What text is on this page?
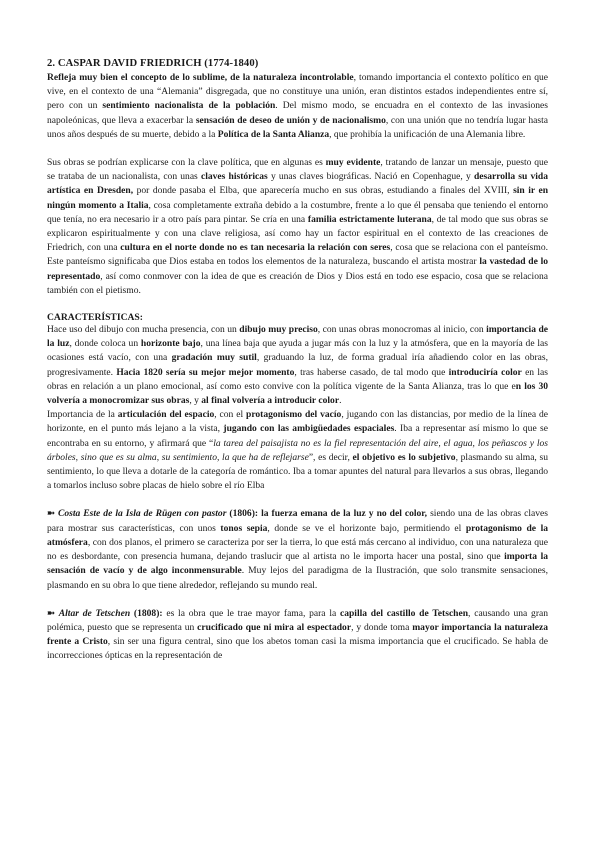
2. CASPAR DAVID FRIEDRICH (1774-1840)

Refleja muy bien el concepto de lo sublime, de la naturaleza incontrolable, tomando importancia el contexto político en que vive, en el contexto de una “Alemania” disgregada, que no constituye una unión, eran distintos estados independientes entre sí, pero con un sentimiento nacionalista de la población. Del mismo modo, se encuadra en el contexto de las invasiones napoleónicas, que lleva a exacerbar la sensación de deseo de unión y de nacionalismo, con una unión que no tendría lugar hasta unos años después de su muerte, debido a la Política de la Santa Alianza, que prohibía la unificación de una Alemania libre.

Sus obras se podrían explicarse con la clave política, que en algunas es muy evidente, tratando de lanzar un mensaje, puesto que se trataba de un nacionalista, con unas claves históricas y unas claves biográficas. Nació en Copenhague, y desarrolla su vida artística en Dresden, por donde pasaba el Elba, que aparecería mucho en sus obras, estudiando a finales del XVIII, sin ir en ningún momento a Italia, cosa completamente extraña debido a la costumbre, frente a lo que él pensaba que teniendo el entorno que tenía, no era necesario ir a otro país para pintar. Se cría en una familia estrictamente luterana, de tal modo que sus obras se explicaron espiritualmente y con una clave religiosa, así como hay un factor espiritual en el contexto de las creaciones de Friedrich, con una cultura en el norte donde no es tan necesaria la relación con seres, cosa que se relaciona con el panteísmo. Este panteísmo significaba que Dios estaba en todos los elementos de la naturaleza, buscando el artista mostrar la vastedad de lo representado, así como conmover con la idea de que es creación de Dios y Dios está en todo ese espacio, cosa que se relaciona también con el pietismo.

CARACTERÍSTICAS:

Hace uso del dibujo con mucha presencia, con un dibujo muy preciso, con unas obras monocromas al inicio, con importancia de la luz, donde coloca un horizonte bajo, una línea baja que ayuda a jugar más con la luz y la atmósfera, que en la mayoría de las ocasiones está vacío, con una gradación muy sutil, graduando la luz, de forma gradual iría añadiendo color en las obras, progresivamente. Hacia 1820 sería su mejor mejor momento, tras haberse casado, de tal modo que introduciría color en las obras en relación a un plano emocional, así como esto convive con la política vigente de la Santa Alianza, tras lo que en los 30 volvería a monocromizar sus obras, y al final volvería a introducir color.

Importancia de la articulación del espacio, con el protagonismo del vacío, jugando con las distancias, por medio de la línea de horizonte, en el punto más lejano a la vista, jugando con las ambigüedades espaciales. Iba a representar así mismo lo que se encontraba en su entorno, y afirmará que “la tarea del paisajista no es la fiel representación del aire, el agua, los peñascos y los árboles, sino que es su alma, su sentimiento, la que ha de reflejarse”, es decir, el objetivo es lo subjetivo, plasmando su alma, su sentimiento, lo que lleva a dotarle de la categoría de romántico. Iba a tomar apuntes del natural para llevarlos a sus obras, llegando a tomarlos incluso sobre placas de hielo sobre el río Elba

➼ Costa Este de la Isla de Rügen con pastor (1806): la fuerza emana de la luz y no del color, siendo una de las obras claves para mostrar sus características, con unos tonos sepia, donde se ve el horizonte bajo, permitiendo el protagonismo de la atmósfera, con dos planos, el primero se caracteriza por ser la tierra, lo que está más cercano al individuo, con una naturaleza que no es desbordante, con presencia humana, dejando traslucir que al artista no le importa hacer una postal, sino que importa la sensación de vacío y de algo inconmensurable. Muy lejos del paradigma de la Ilustración, que solo transmite sensaciones, plasmando en su obra lo que tiene alrededor, reflejando su mundo real.

➼ Altar de Tetschen (1808): es la obra que le trae mayor fama, para la capilla del castillo de Tetschen, causando una gran polémica, puesto que se representa un crucificado que ni mira al espectador, y donde toma mayor importancia la naturaleza frente a Cristo, sin ser una figura central, sino que los abetos toman casi la misma importancia que el crucificado. Se habla de incorrecciones ópticas en la representación de
